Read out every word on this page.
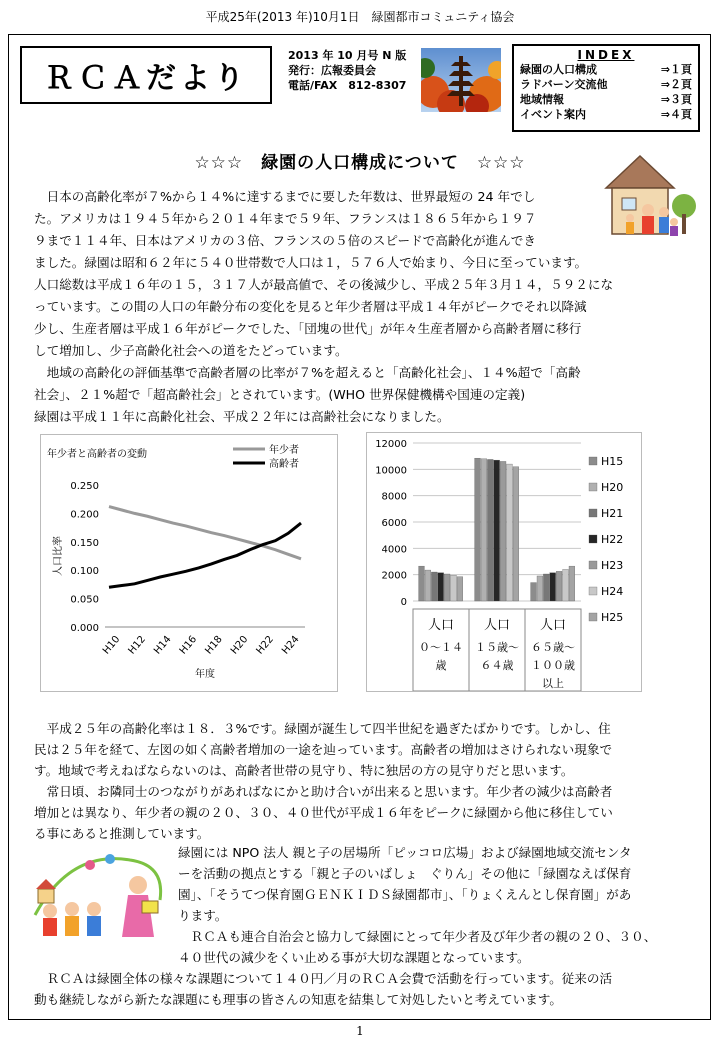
平成25年(2013 年)10月1日　緑園都市コミュニティ協会
ＲＣＡだより
2013 年 10 月号 N 版
発行：広報委員会
電話/FAX　812-8307
INDEX
緑園の人口構成	⇒１頁
ラドバーン交流他	⇒２頁
地域情報	⇒３頁
イベント案内	⇒４頁
☆☆☆　緑園の人口構成について　☆☆☆

　日本の高齢化率が７%から１４%に達するまでに要した年数は、世界最短の 24 年でし

た。アメリカは１９４５年から２０１４年まで５９年、フランスは１８６５年から１９７

９まで１１４年、日本はアメリカの３倍、フランスの５倍のスピードで高齢化が進んでき

ました。緑園は昭和６２年に５４０世帯数で人口は１，５７６人で始まり、今日に至っています。

人口総数は平成１６年の１５，３１７人が最高値で、その後減少し、平成２５年３月１４，５９２にな

っています。この間の人口の年齢分布の変化を見ると年少者層は平成１４年がピークでそれ以降減

少し、生産者層は平成１６年がピークでした、「団塊の世代」が年々生産者層から高齢者層に移行

して増加し、少子高齢化社会への道をたどっています。

　地域の高齢化の評価基準で高齢者層の比率が７%を超えると「高齢化社会」、１４%超で「高齢

社会」、２１%超で「超高齢社会」とされています。(WHO 世界保健機構や国連の定義)

緑園は平成１１年に高齢化社会、平成２２年には高齢社会になりました。

年少者と高齢者の変動	年少者
高齢者
0.000
0.050
0.100
0.150
0.200
0.250
H10 H12 H14 H16 H18 H20 H22 H24
年度
人口比率
0
2000
4000
6000
8000
10000
12000
人口
０～１４
歳
人口
１５歳～
６４歳
人口
６５歳～
１００歳
以上
H15
H20
H21
H22
H23
H24
H25

　平成２５年の高齢化率は１８．３%です。緑園が誕生して四半世紀を過ぎたばかりです。しかし、住

民は２５年を経て、左図の如く高齢者増加の一途を辿っています。高齢者の増加はさけられない現象で

す。地域で考えねばならないのは、高齢者世帯の見守り、特に独居の方の見守りだと思います。

　常日頃、お隣同士のつながりがあればなにかと助け合いが出来ると思います。年少者の減少は高齢者

増加とは異なり、年少者の親の２０、３０、４０世代が平成１６年をピークに緑園から他に移住してい

る事にあると推測しています。

緑園には NPO 法人 親と子の居場所「ピッコロ広場」および緑園地域交流センタ

ーを活動の拠点とする「親と子のいばしょ　ぐりん」その他に「緑園なえば保育

園」、「そうてつ保育園ＧＥＮＫＩＤＳ緑園都市」、「りょくえんとし保育園」があ

ります。

　ＲＣＡも連合自治会と協力して緑園にとって年少者及び年少者の親の２０、３０、

４０世代の減少をくい止める事が大切な課題となっています。

　ＲＣＡは緑園全体の様々な課題について１４０円／月のＲＣＡ会費で活動を行っています。従来の活

動も継続しながら新たな課題にも理事の皆さんの知恵を結集して対処したいと考えています。

1
